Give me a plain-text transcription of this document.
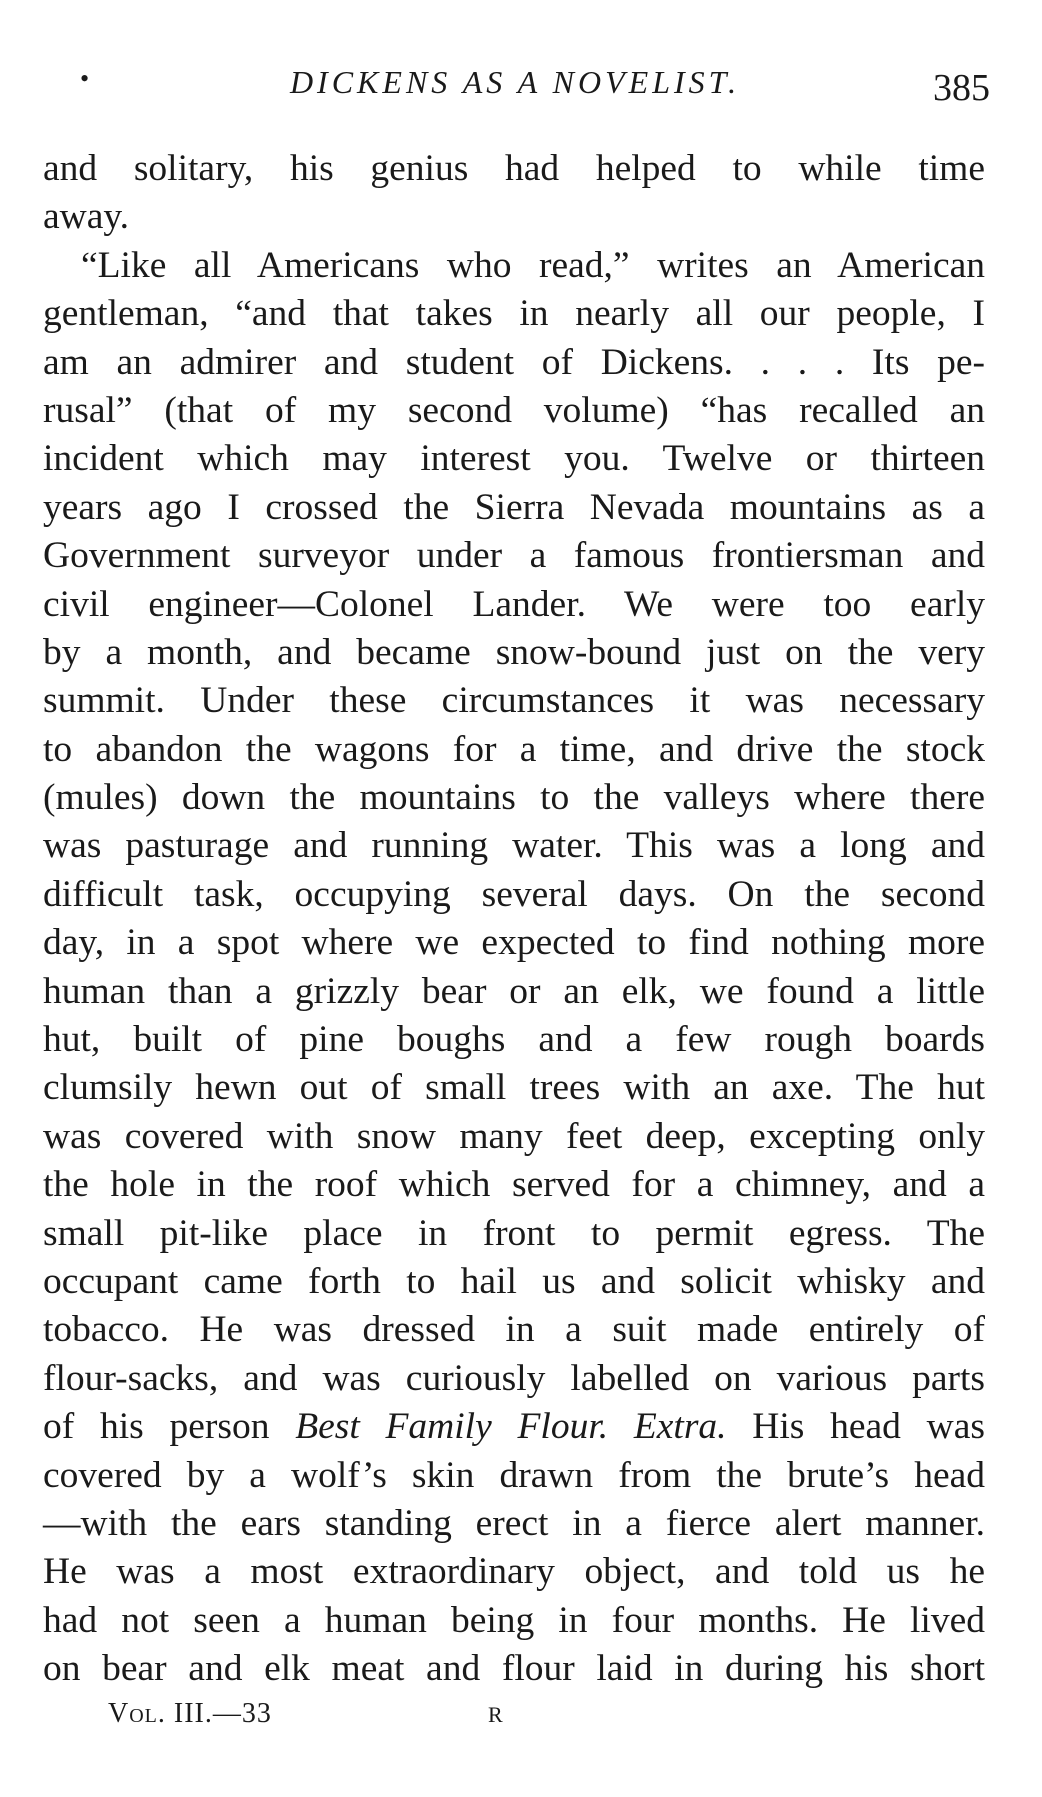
•	DICKENS AS A NOVELIST.	385
and solitary, his genius had helped to while time
away.
“Like all Americans who read,” writes an American
gentleman, “and that takes in nearly all our people, I
am an admirer and student of Dickens. . . . Its pe-
rusal” (that of my second volume) “has recalled an
incident which may interest you. Twelve or thirteen
years ago I crossed the Sierra Nevada mountains as a
Government surveyor under a famous frontiersman and
civil engineer—Colonel Lander. We were too early
by a month, and became snow-bound just on the very
summit. Under these circumstances it was necessary
to abandon the wagons for a time, and drive the stock
(mules) down the mountains to the valleys where there
was pasturage and running water. This was a long and
difficult task, occupying several days. On the second
day, in a spot where we expected to find nothing more
human than a grizzly bear or an elk, we found a little
hut, built of pine boughs and a few rough boards
clumsily hewn out of small trees with an axe. The hut
was covered with snow many feet deep, excepting only
the hole in the roof which served for a chimney, and a
small pit-like place in front to permit egress. The
occupant came forth to hail us and solicit whisky and
tobacco. He was dressed in a suit made entirely of
flour-sacks, and was curiously labelled on various parts
of his person Best Family Flour. Extra. His head was
covered by a wolf’s skin drawn from the brute’s head
—with the ears standing erect in a fierce alert manner.
He was a most extraordinary object, and told us he
had not seen a human being in four months. He lived
on bear and elk meat and flour laid in during his short
Vol. III.—33	R
